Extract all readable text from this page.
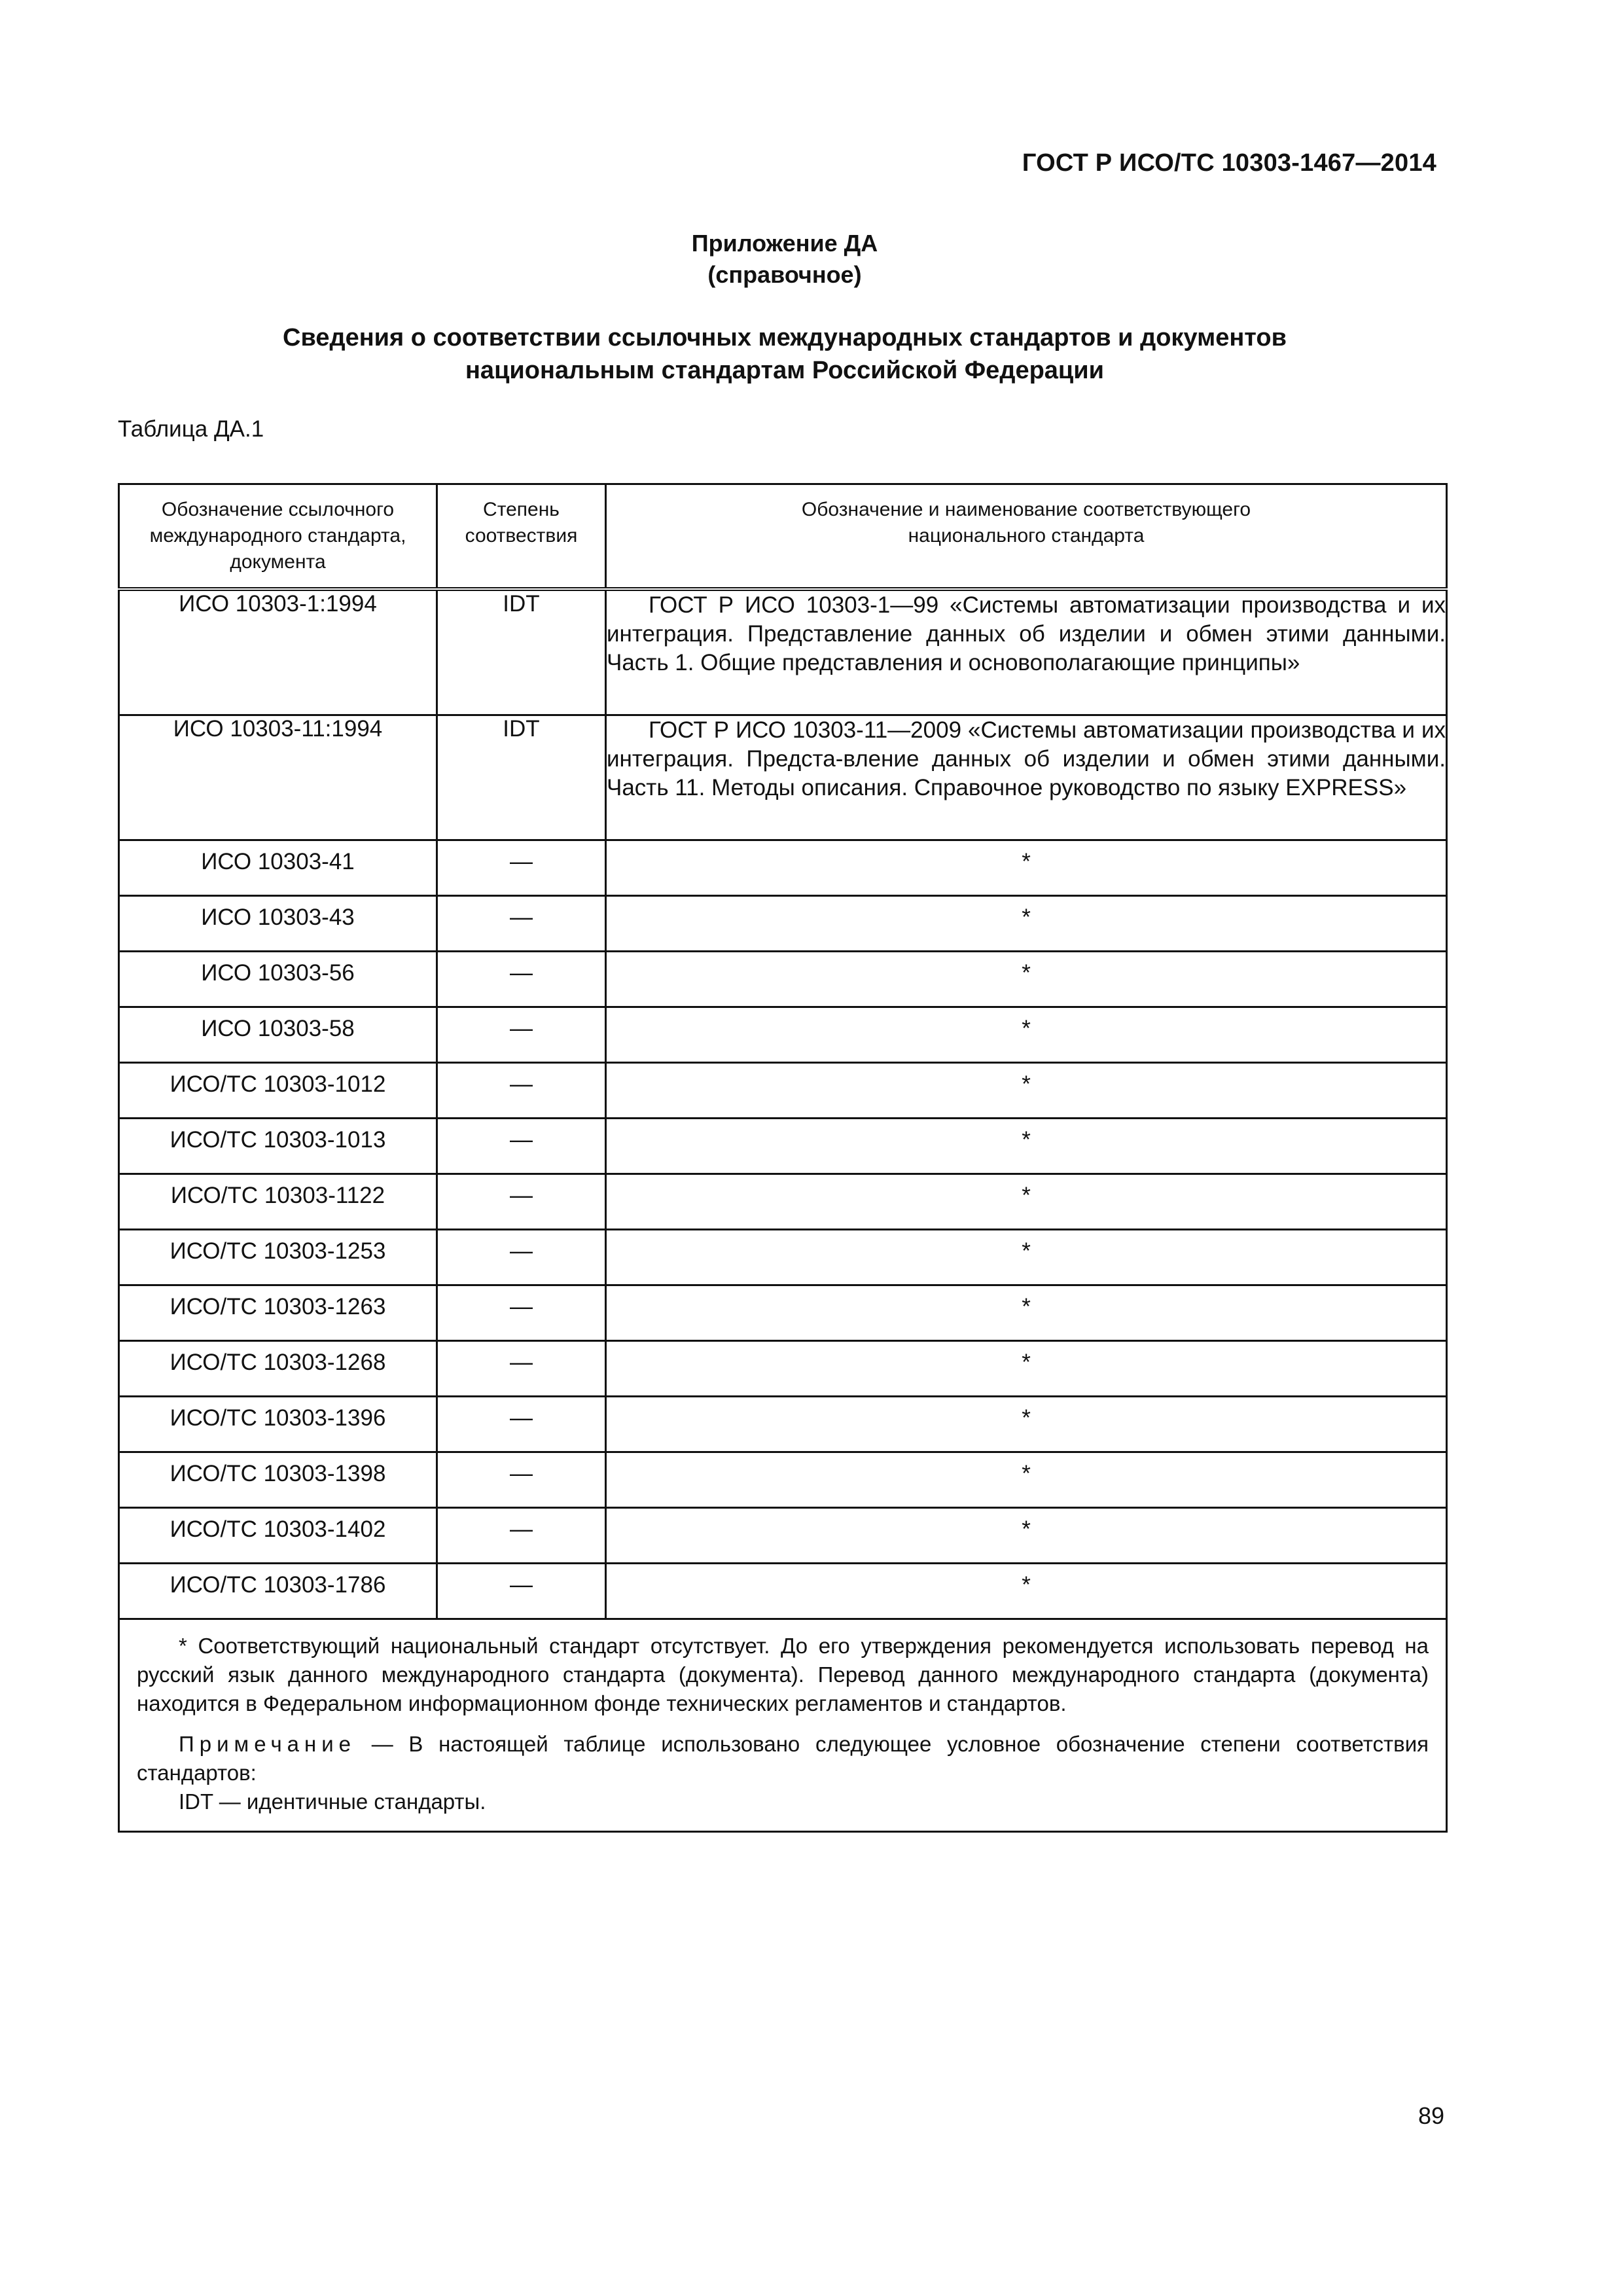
ГОСТ Р ИСО/ТС 10303-1467—2014
Приложение ДА
(справочное)
Сведения о соответствии ссылочных международных стандартов и документов
национальным стандартам Российской Федерации
Таблица ДА.1
Обозначение ссылочного международного стандарта, документа	Степень соотвествия	Обозначение и наименование соответствующего национального стандарта
ИСО 10303-1:1994	IDT	ГОСТ Р ИСО 10303-1—99 «Системы автоматизации производства и их интеграция. Представление данных об изделии и обмен этими данными. Часть 1. Общие представления и основополагающие принципы»
ИСО 10303-11:1994	IDT	ГОСТ Р ИСО 10303-11—2009 «Системы автоматизации производства и их интеграция. Предста-вление данных об изделии и обмен этими данными. Часть 11. Методы описания. Справочное руководство по языку EXPRESS»
ИСО 10303-41	—	*
ИСО 10303-43	—	*
ИСО 10303-56	—	*
ИСО 10303-58	—	*
ИСО/ТС 10303-1012	—	*
ИСО/ТС 10303-1013	—	*
ИСО/ТС 10303-1122	—	*
ИСО/ТС 10303-1253	—	*
ИСО/ТС 10303-1263	—	*
ИСО/ТС 10303-1268	—	*
ИСО/ТС 10303-1396	—	*
ИСО/ТС 10303-1398	—	*
ИСО/ТС 10303-1402	—	*
ИСО/ТС 10303-1786	—	*

* Соответствующий национальный стандарт отсутствует. До его утверждения рекомендуется использовать перевод на русский язык данного международного стандарта (документа). Перевод данного международного стандарта (документа) находится в Федеральном информационном фонде технических регламентов и стандартов.

Примечание — В настоящей таблице использовано следующее условное обозначение степени соответствия стандартов:

IDT — идентичные стандарты.		

89
